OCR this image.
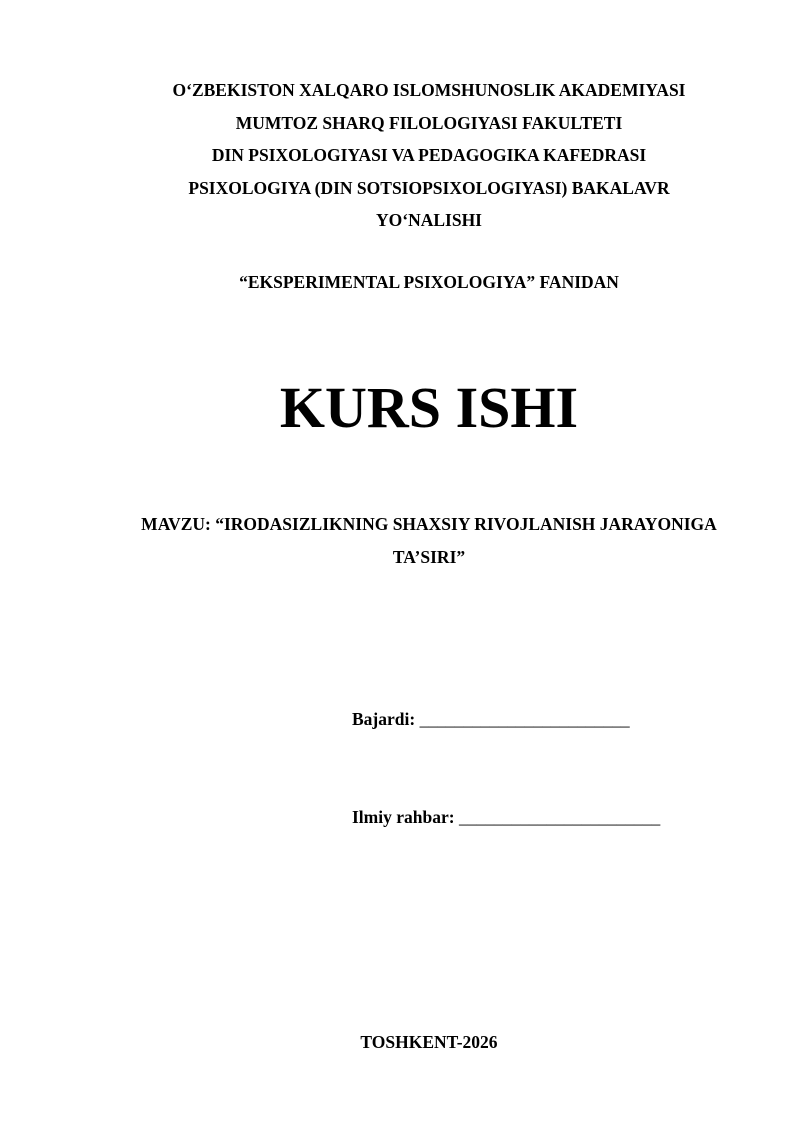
O‘ZBEKISTON XALQARO ISLOMSHUNOSLIK AKADEMIYASI
MUMTOZ SHARQ FILOLOGIYASI FAKULTETI
DIN PSIXOLOGIYASI VA PEDAGOGIKA KAFEDRASI
PSIXOLOGIYA (DIN SOTSIOPSIXOLOGIYASI) BAKALAVR
YO‘NALISHI
“EKSPERIMENTAL PSIXOLOGIYA” FANIDAN
KURS ISHI
MAVZU: “IRODASIZLIKNING SHAXSIY RIVOJLANISH JARAYONIGA
TA’SIRI”
Bajardi: ________________________
Ilmiy rahbar: _______________________
TOSHKENT-2026
